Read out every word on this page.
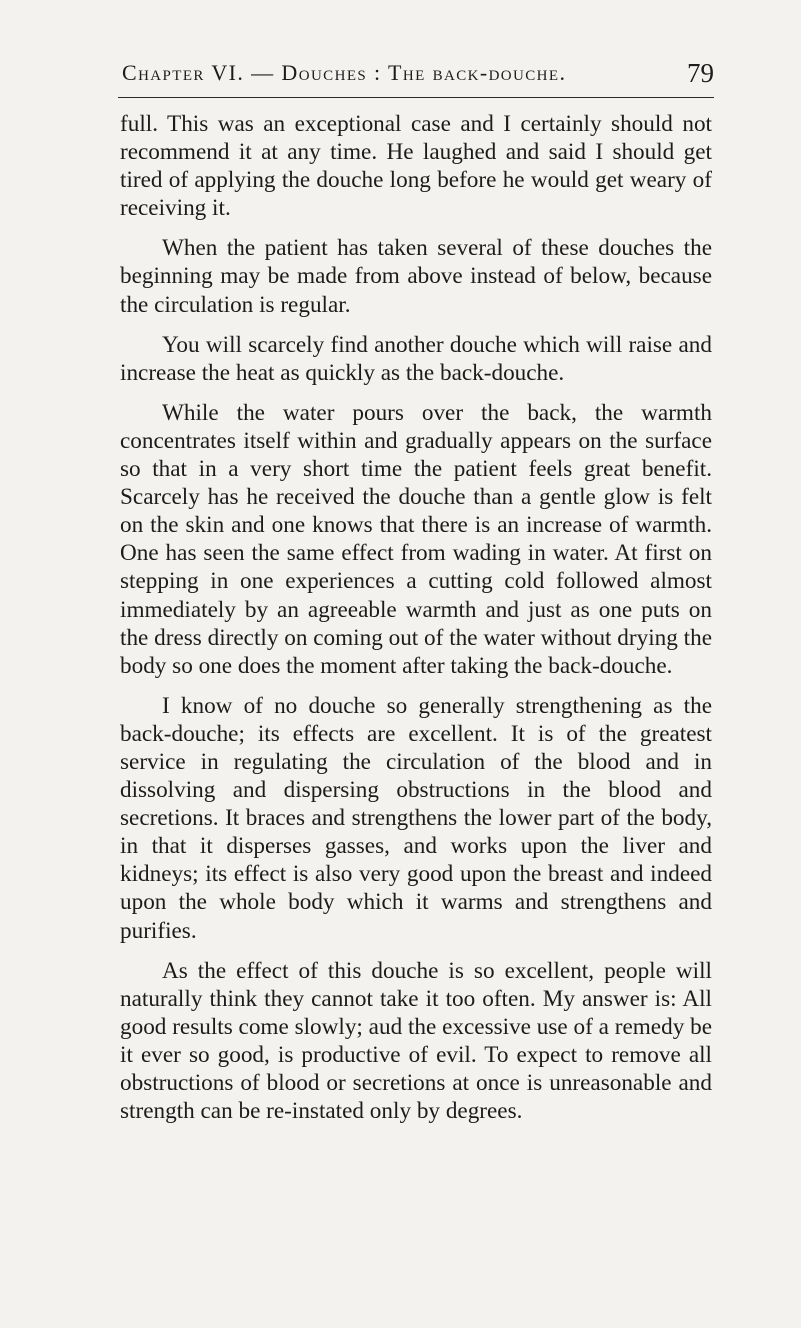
Chapter VI. — Douches : The back-douche.	79

full. This was an exceptional case and I certainly should not recommend it at any time. He laughed and said I should get tired of applying the douche long before he would get weary of receiving it.

When the patient has taken several of these douches the beginning may be made from above instead of below, because the circulation is regular.

You will scarcely find another douche which will raise and increase the heat as quickly as the back-douche.

While the water pours over the back, the warmth concentrates itself within and gradually appears on the surface so that in a very short time the patient feels great benefit. Scarcely has he received the douche than a gentle glow is felt on the skin and one knows that there is an increase of warmth. One has seen the same effect from wading in water. At first on stepping in one experiences a cutting cold followed almost immediately by an agreeable warmth and just as one puts on the dress directly on coming out of the water without drying the body so one does the moment after taking the back-douche.

I know of no douche so generally strengthening as the back-douche; its effects are excellent. It is of the greatest service in regulating the circulation of the blood and in dissolving and dispersing obstructions in the blood and secretions. It braces and strengthens the lower part of the body, in that it disperses gasses, and works upon the liver and kidneys; its effect is also very good upon the breast and indeed upon the whole body which it warms and strengthens and purifies.

As the effect of this douche is so excellent, people will naturally think they cannot take it too often. My answer is: All good results come slowly; aud the excessive use of a remedy be it ever so good, is productive of evil. To expect to remove all obstructions of blood or secretions at once is unreasonable and strength can be re-instated only by degrees.
